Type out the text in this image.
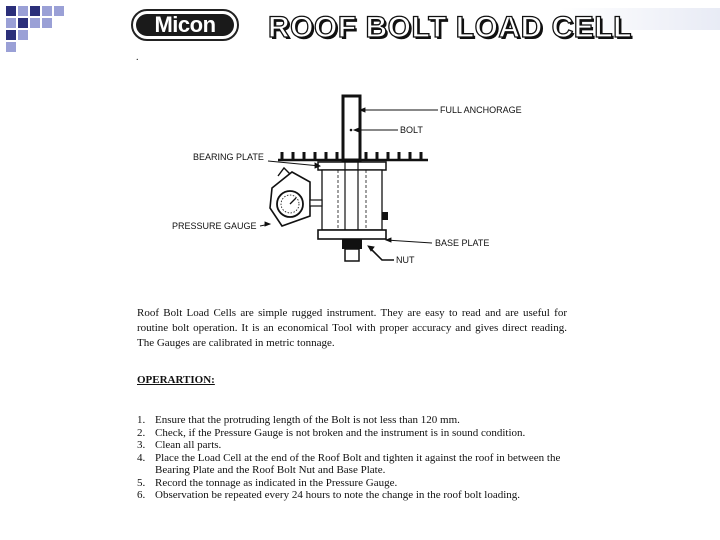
Micon	ROOF BOLT LOAD CELL
.
FULL ANCHORAGE
BOLT
BEARING PLATE
PRESSURE GAUGE
BASE PLATE
NUT

Roof Bolt Load Cells are simple rugged instrument. They are easy to read and are useful for routine bolt operation. It is an economical Tool with proper accuracy and gives direct reading. The Gauges are calibrated in metric tonnage.

OPERARTION:

1. Ensure that the protruding length of the Bolt is not less than 120 mm.
2. Check, if the Pressure Gauge is not broken and the instrument is in sound condition.
3. Clean all parts.
4. Place the Load Cell at the end of the Roof Bolt and tighten it against the roof in between the Bearing Plate and the Roof Bolt Nut and Base Plate.
5. Record the tonnage as indicated in the Pressure Gauge.
6. Observation be repeated every 24 hours to note the change in the roof bolt loading.
